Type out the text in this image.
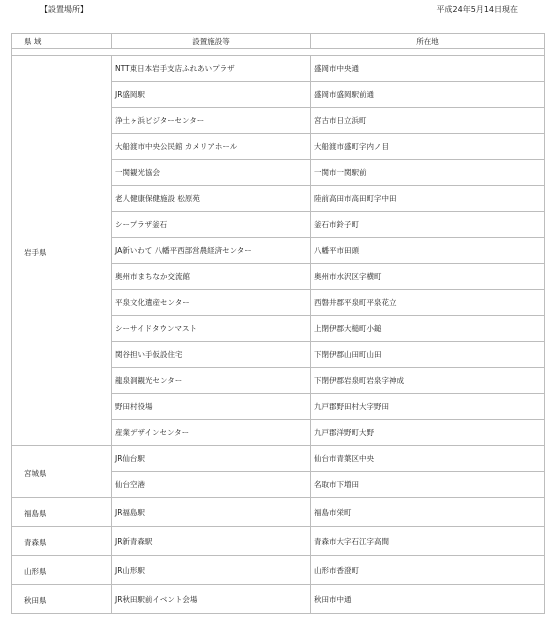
【設置場所】	平成24年5月14日現在
県 域	設置施設等	所在地

岩手県	NTT東日本岩手支店ふれあいプラザ	盛岡市中央通
	JR盛岡駅	盛岡市盛岡駅前通
	浄土ヶ浜ビジターセンター	宮古市日立浜町
	大船渡市中央公民館 カメリアホール	大船渡市盛町字内ノ目
	一関観光協会	一関市一関駅前
	老人健康保健施設 松原苑	陸前高田市高田町字中田
	シープラザ釜石	釜石市鈴子町
	JA新いわて 八幡平西部営農経済センター	八幡平市田頭
	奥州市まちなか交流館	奥州市水沢区字横町
	平泉文化遺産センター	西磐井郡平泉町平泉花立
	シーサイドタウンマスト	上閉伊郡大槌町小鎚
	関谷担い手仮設住宅	下閉伊郡山田町山田
	龍泉洞観光センター	下閉伊郡岩泉町岩泉字神成
	野田村役場	九戸郡野田村大字野田
	産業デザインセンター	九戸郡洋野町大野
宮城県	JR仙台駅	仙台市青葉区中央
	仙台空港	名取市下増田
福島県	JR福島駅	福島市栄町
青森県	JR新青森駅	青森市大字石江字高間
山形県	JR山形駅	山形市香澄町
秋田県	JR秋田駅前イベント会場	秋田市中通
